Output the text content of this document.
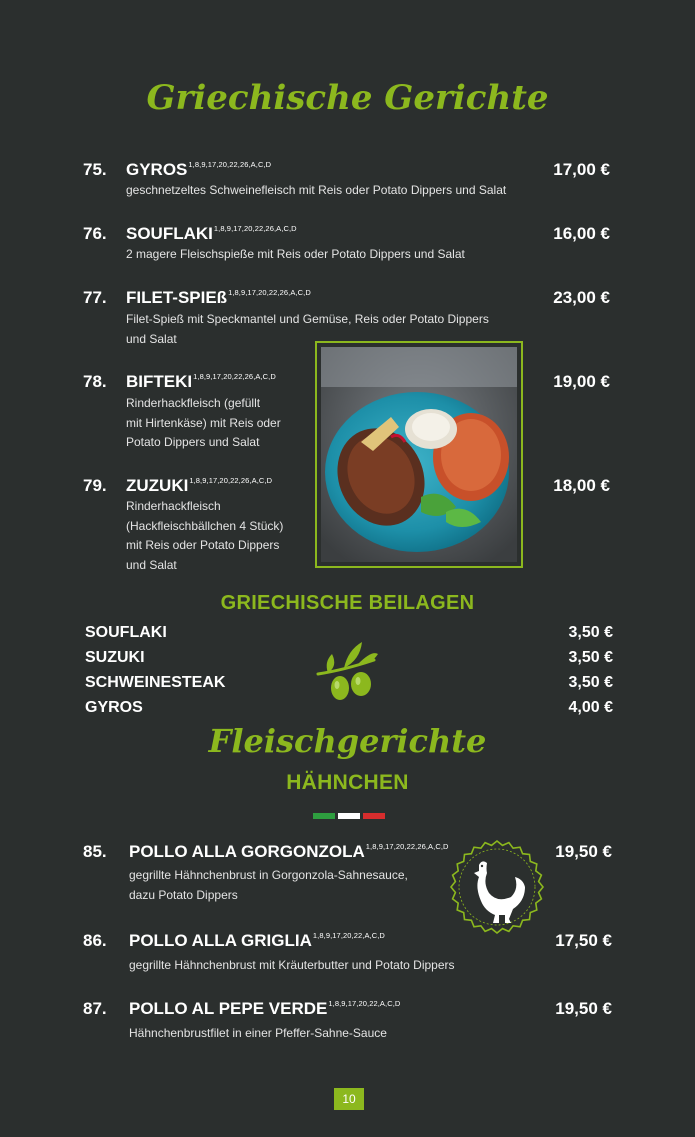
Griechische Gerichte
75. $GYROS^{1,8,9,17,20,22,26,A,C,D}$	17,00 €
geschnetzeltes Schweinefleisch mit Reis oder Potato Dippers und Salat
76. $SOUFLAKI^{1,8,9,17,20,22,26,A,C,D}$	16,00 €
2 magere Fleischspieße mit Reis oder Potato Dippers und Salat
77. FILET-SPIEß$^{1,8,9,17,20,22,26,A,C,D}$	23,00 €
Filet-Spieß mit Speckmantel und Gemüse, Reis oder Potato Dippers
und Salat
78. $BIFTEKI^{1,8,9,17,20,22,26,A,C,D}$	19,00 €
Rinderhackfleisch (gefüllt
mit Hirtenkäse) mit Reis oder
Potato Dippers und Salat
79. $ZUZUKI^{1,8,9,17,20,22,26,A,C,D}$	18,00 €
Rinderhackfleisch
(Hackfleischbällchen 4 Stück)
mit Reis oder Potato Dippers
und Salat
GRIECHISCHE BEILAGEN
SOUFLAKI	3,50 €
SUZUKI	3,50 €
SCHWEINESTEAK	3,50 €
GYROS	4,00 €
Fleischgerichte
HÄHNCHEN
85. POLLO ALLA $GORGONZOLA^{1,8,9,17,20,22,26,A,C,D}$	19,50 €
gegrillte Hähnchenbrust in Gorgonzola-Sahnesauce,
dazu Potato Dippers
86. POLLO ALLA $GRIGLIA^{1,8,9,17,20,22,A,C,D}$	17,50 €
gegrillte Hähnchenbrust mit Kräuterbutter und Potato Dippers
87. POLLO AL PEPE $VERDE^{1,8,9,17,20,22,A,C,D}$	19,50 €
Hähnchenbrustfilet in einer Pfeffer-Sahne-Sauce
10
